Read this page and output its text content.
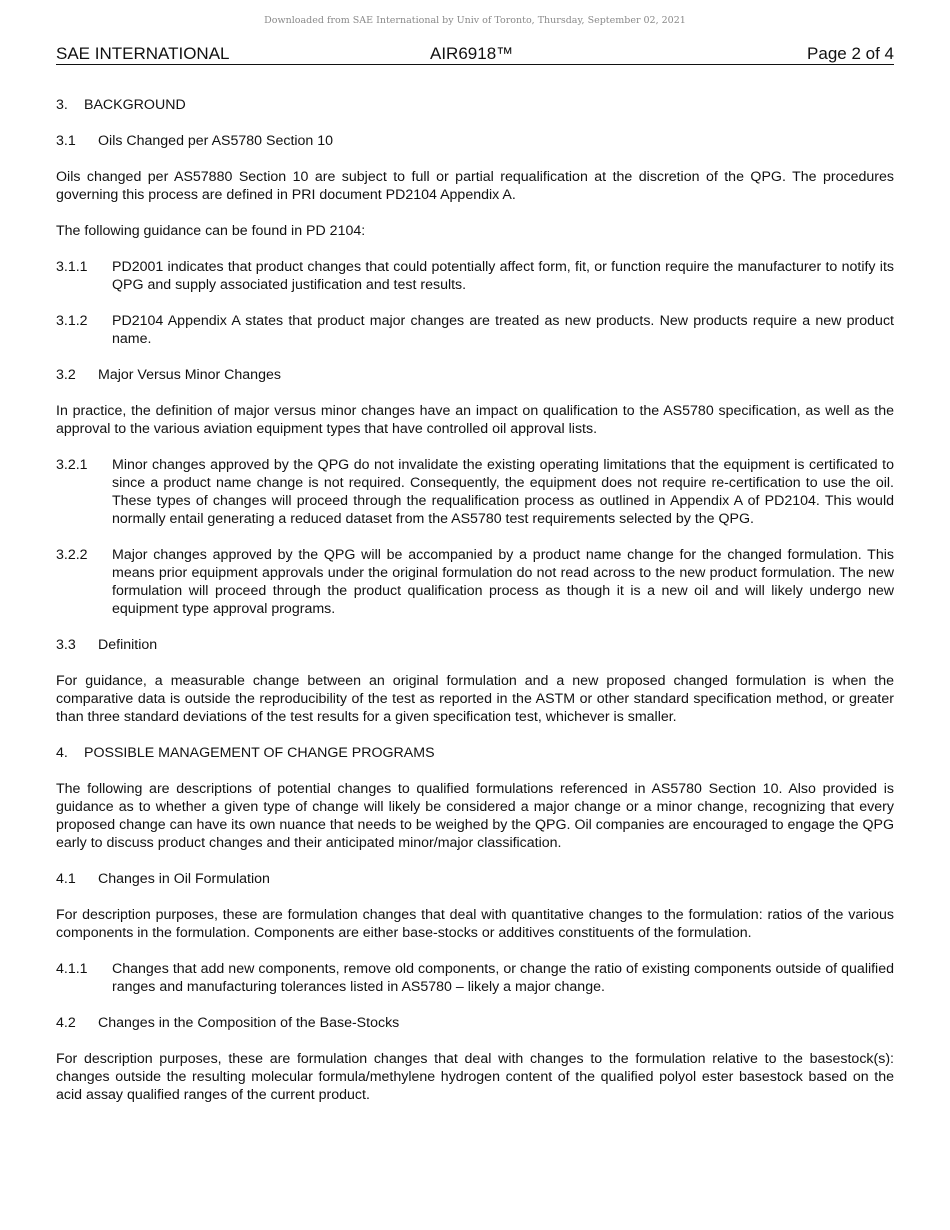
Downloaded from SAE International by Univ of Toronto, Thursday, September 02, 2021
SAE INTERNATIONAL	AIR6918™	Page 2 of 4
3. BACKGROUND
3.1 Oils Changed per AS5780 Section 10

Oils changed per AS57880 Section 10 are subject to full or partial requalification at the discretion of the QPG. The procedures governing this process are defined in PRI document PD2104 Appendix A.

The following guidance can be found in PD 2104:

3.1.1 PD2001 indicates that product changes that could potentially affect form, fit, or function require the manufacturer to notify its QPG and supply associated justification and test results.
3.1.2 PD2104 Appendix A states that product major changes are treated as new products. New products require a new product name.
3.2 Major Versus Minor Changes

In practice, the definition of major versus minor changes have an impact on qualification to the AS5780 specification, as well as the approval to the various aviation equipment types that have controlled oil approval lists.

3.2.1 Minor changes approved by the QPG do not invalidate the existing operating limitations that the equipment is certificated to since a product name change is not required. Consequently, the equipment does not require re-certification to use the oil. These types of changes will proceed through the requalification process as outlined in Appendix A of PD2104. This would normally entail generating a reduced dataset from the AS5780 test requirements selected by the QPG.
3.2.2 Major changes approved by the QPG will be accompanied by a product name change for the changed formulation. This means prior equipment approvals under the original formulation do not read across to the new product formulation. The new formulation will proceed through the product qualification process as though it is a new oil and will likely undergo new equipment type approval programs.
3.3 Definition

For guidance, a measurable change between an original formulation and a new proposed changed formulation is when the comparative data is outside the reproducibility of the test as reported in the ASTM or other standard specification method, or greater than three standard deviations of the test results for a given specification test, whichever is smaller.

4. POSSIBLE MANAGEMENT OF CHANGE PROGRAMS

The following are descriptions of potential changes to qualified formulations referenced in AS5780 Section 10. Also provided is guidance as to whether a given type of change will likely be considered a major change or a minor change, recognizing that every proposed change can have its own nuance that needs to be weighed by the QPG. Oil companies are encouraged to engage the QPG early to discuss product changes and their anticipated minor/major classification.

4.1 Changes in Oil Formulation

For description purposes, these are formulation changes that deal with quantitative changes to the formulation: ratios of the various components in the formulation. Components are either base-stocks or additives constituents of the formulation.

4.1.1 Changes that add new components, remove old components, or change the ratio of existing components outside of qualified ranges and manufacturing tolerances listed in AS5780 – likely a major change.
4.2 Changes in the Composition of the Base-Stocks

For description purposes, these are formulation changes that deal with changes to the formulation relative to the basestock(s): changes outside the resulting molecular formula/methylene hydrogen content of the qualified polyol ester basestock based on the acid assay qualified ranges of the current product.
